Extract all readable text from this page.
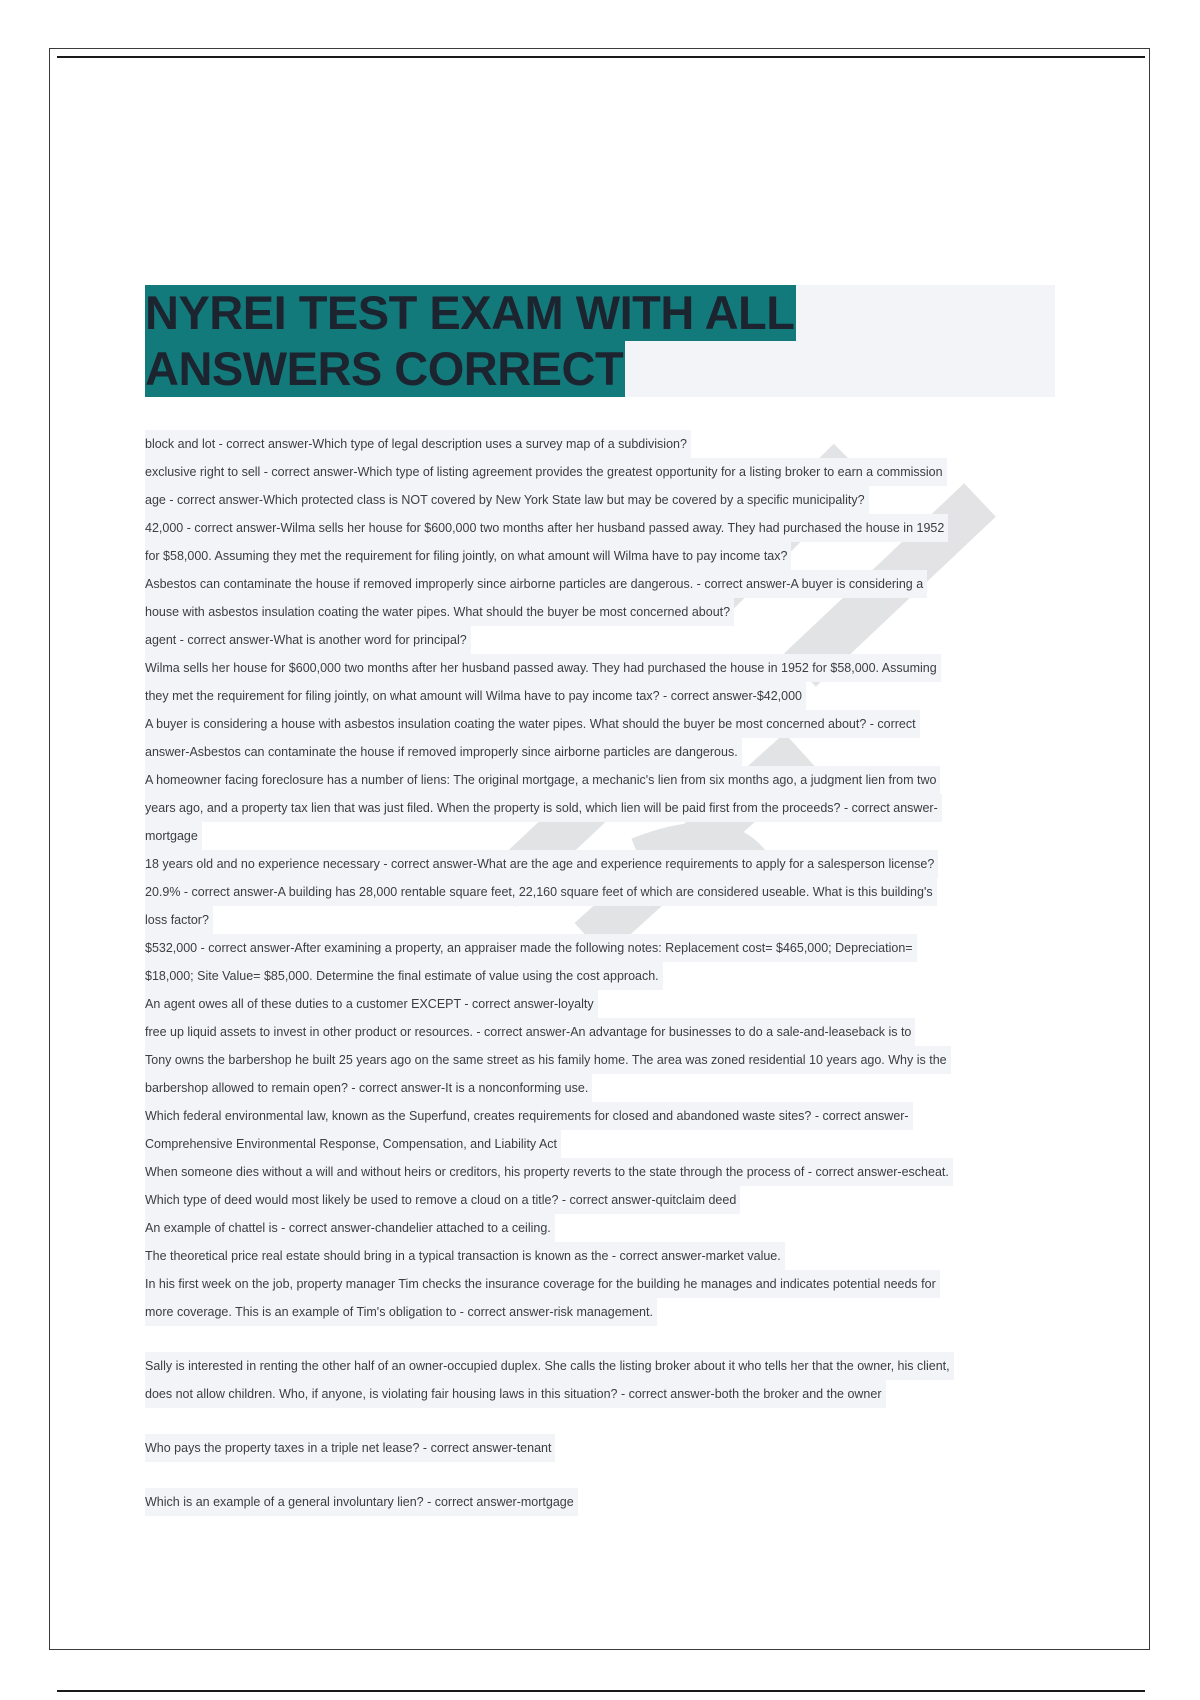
NYREI TEST EXAM WITH ALL
ANSWERS CORRECT
block and lot - correct answer-Which type of legal description uses a survey map of a subdivision?
exclusive right to sell - correct answer-Which type of listing agreement provides the greatest opportunity for a listing broker to earn a commission
age - correct answer-Which protected class is NOT covered by New York State law but may be covered by a specific municipality?
42,000 - correct answer-Wilma sells her house for $600,000 two months after her husband passed away. They had purchased the house in 1952
for $58,000. Assuming they met the requirement for filing jointly, on what amount will Wilma have to pay income tax?
Asbestos can contaminate the house if removed improperly since airborne particles are dangerous. - correct answer-A buyer is considering a
house with asbestos insulation coating the water pipes. What should the buyer be most concerned about?
agent - correct answer-What is another word for principal?
Wilma sells her house for $600,000 two months after her husband passed away. They had purchased the house in 1952 for $58,000. Assuming
they met the requirement for filing jointly, on what amount will Wilma have to pay income tax? - correct answer-$42,000
A buyer is considering a house with asbestos insulation coating the water pipes. What should the buyer be most concerned about? - correct
answer-Asbestos can contaminate the house if removed improperly since airborne particles are dangerous.
A homeowner facing foreclosure has a number of liens: The original mortgage, a mechanic's lien from six months ago, a judgment lien from two
years ago, and a property tax lien that was just filed. When the property is sold, which lien will be paid first from the proceeds? - correct answer-
mortgage
18 years old and no experience necessary - correct answer-What are the age and experience requirements to apply for a salesperson license?
20.9% - correct answer-A building has 28,000 rentable square feet, 22,160 square feet of which are considered useable. What is this building's
loss factor?
$532,000 - correct answer-After examining a property, an appraiser made the following notes: Replacement cost= $465,000; Depreciation=
$18,000; Site Value= $85,000. Determine the final estimate of value using the cost approach.
An agent owes all of these duties to a customer EXCEPT - correct answer-loyalty
free up liquid assets to invest in other product or resources. - correct answer-An advantage for businesses to do a sale-and-leaseback is to
Tony owns the barbershop he built 25 years ago on the same street as his family home. The area was zoned residential 10 years ago. Why is the
barbershop allowed to remain open? - correct answer-It is a nonconforming use.
Which federal environmental law, known as the Superfund, creates requirements for closed and abandoned waste sites? - correct answer-
Comprehensive Environmental Response, Compensation, and Liability Act
When someone dies without a will and without heirs or creditors, his property reverts to the state through the process of - correct answer-escheat.
Which type of deed would most likely be used to remove a cloud on a title? - correct answer-quitclaim deed
An example of chattel is - correct answer-chandelier attached to a ceiling.
The theoretical price real estate should bring in a typical transaction is known as the - correct answer-market value.
In his first week on the job, property manager Tim checks the insurance coverage for the building he manages and indicates potential needs for
more coverage. This is an example of Tim's obligation to - correct answer-risk management.
Sally is interested in renting the other half of an owner-occupied duplex. She calls the listing broker about it who tells her that the owner, his client,
does not allow children. Who, if anyone, is violating fair housing laws in this situation? - correct answer-both the broker and the owner
Who pays the property taxes in a triple net lease? - correct answer-tenant
Which is an example of a general involuntary lien? - correct answer-mortgage
